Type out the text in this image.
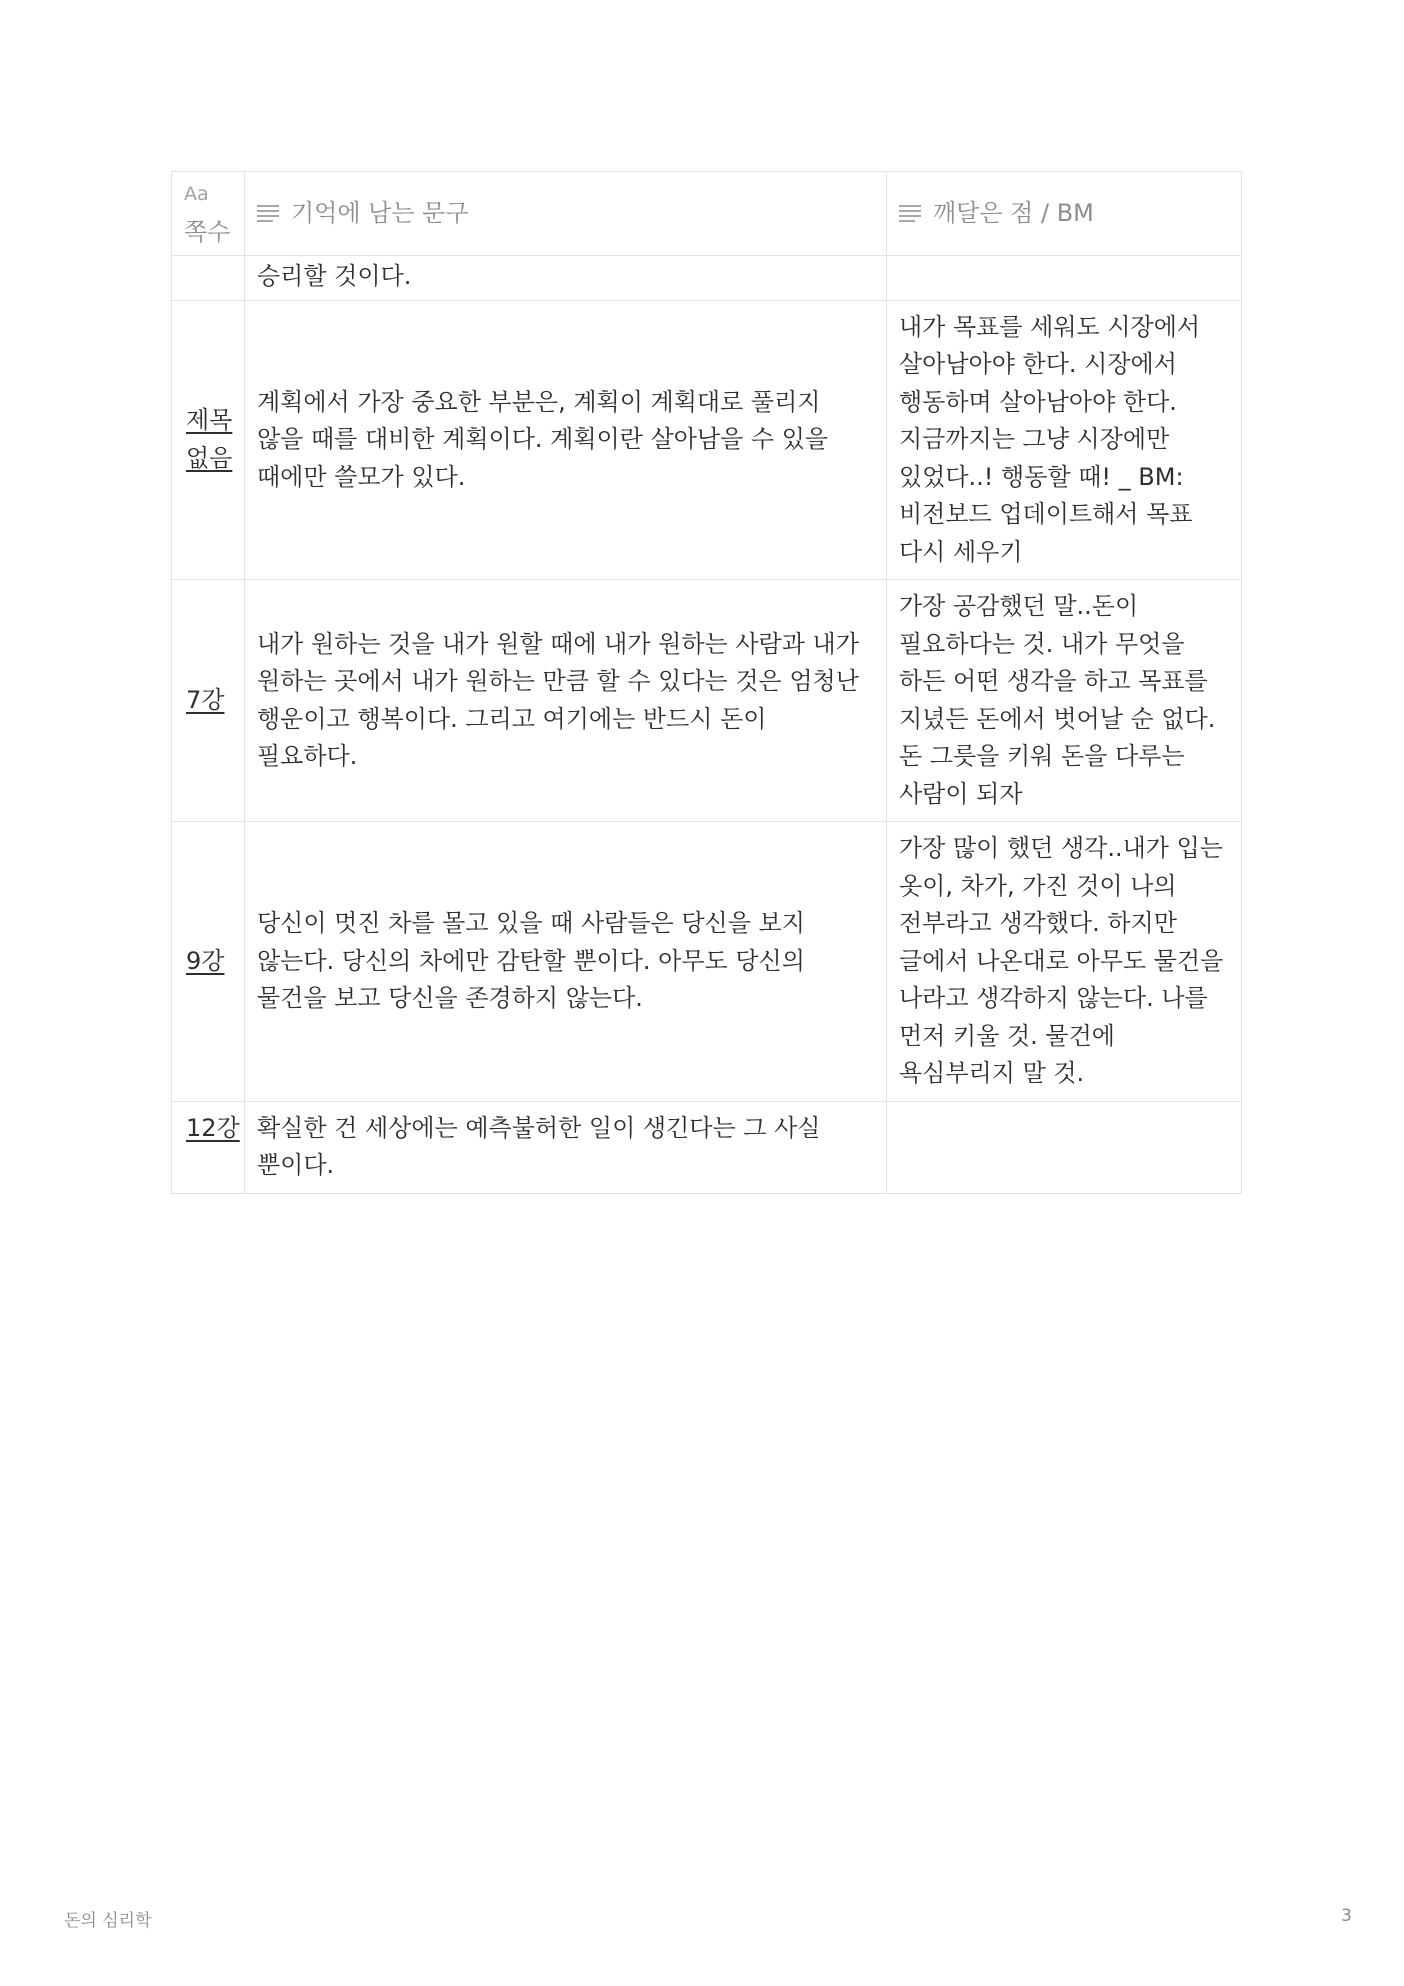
Aa
쪽수	기억에 남는 문구	깨달은 점 / BM

	승리할 것이다.	
제목 없음	계획에서 가장 중요한 부분은, 계획이 계획대로 풀리지 않을 때를 대비한 계획이다. 계획이란 살아남을 수 있을 때에만 쓸모가 있다.	내가 목표를 세워도 시장에서 살아남아야 한다. 시장에서 행동하며 살아남아야 한다. 지금까지는 그냥 시장에만 있었다..! 행동할 때! _ BM: 비전보드 업데이트해서 목표 다시 세우기
7강	내가 원하는 것을 내가 원할 때에 내가 원하는 사람과 내가 원하는 곳에서 내가 원하는 만큼 할 수 있다는 것은 엄청난 행운이고 행복이다. 그리고 여기에는 반드시 돈이 필요하다.	가장 공감했던 말..돈이 필요하다는 것. 내가 무엇을 하든 어떤 생각을 하고 목표를 지녔든 돈에서 벗어날 순 없다. 돈 그릇을 키워 돈을 다루는 사람이 되자
9강	당신이 멋진 차를 몰고 있을 때 사람들은 당신을 보지 않는다. 당신의 차에만 감탄할 뿐이다. 아무도 당신의 물건을 보고 당신을 존경하지 않는다.	가장 많이 했던 생각..내가 입는 옷이, 차가, 가진 것이 나의 전부라고 생각했다. 하지만 글에서 나온대로 아무도 물건을 나라고 생각하지 않는다. 나를 먼저 키울 것. 물건에 욕심부리지 말 것.
12강	확실한 건 세상에는 예측불허한 일이 생긴다는 그 사실 뿐이다.	
돈의 심리학	3
